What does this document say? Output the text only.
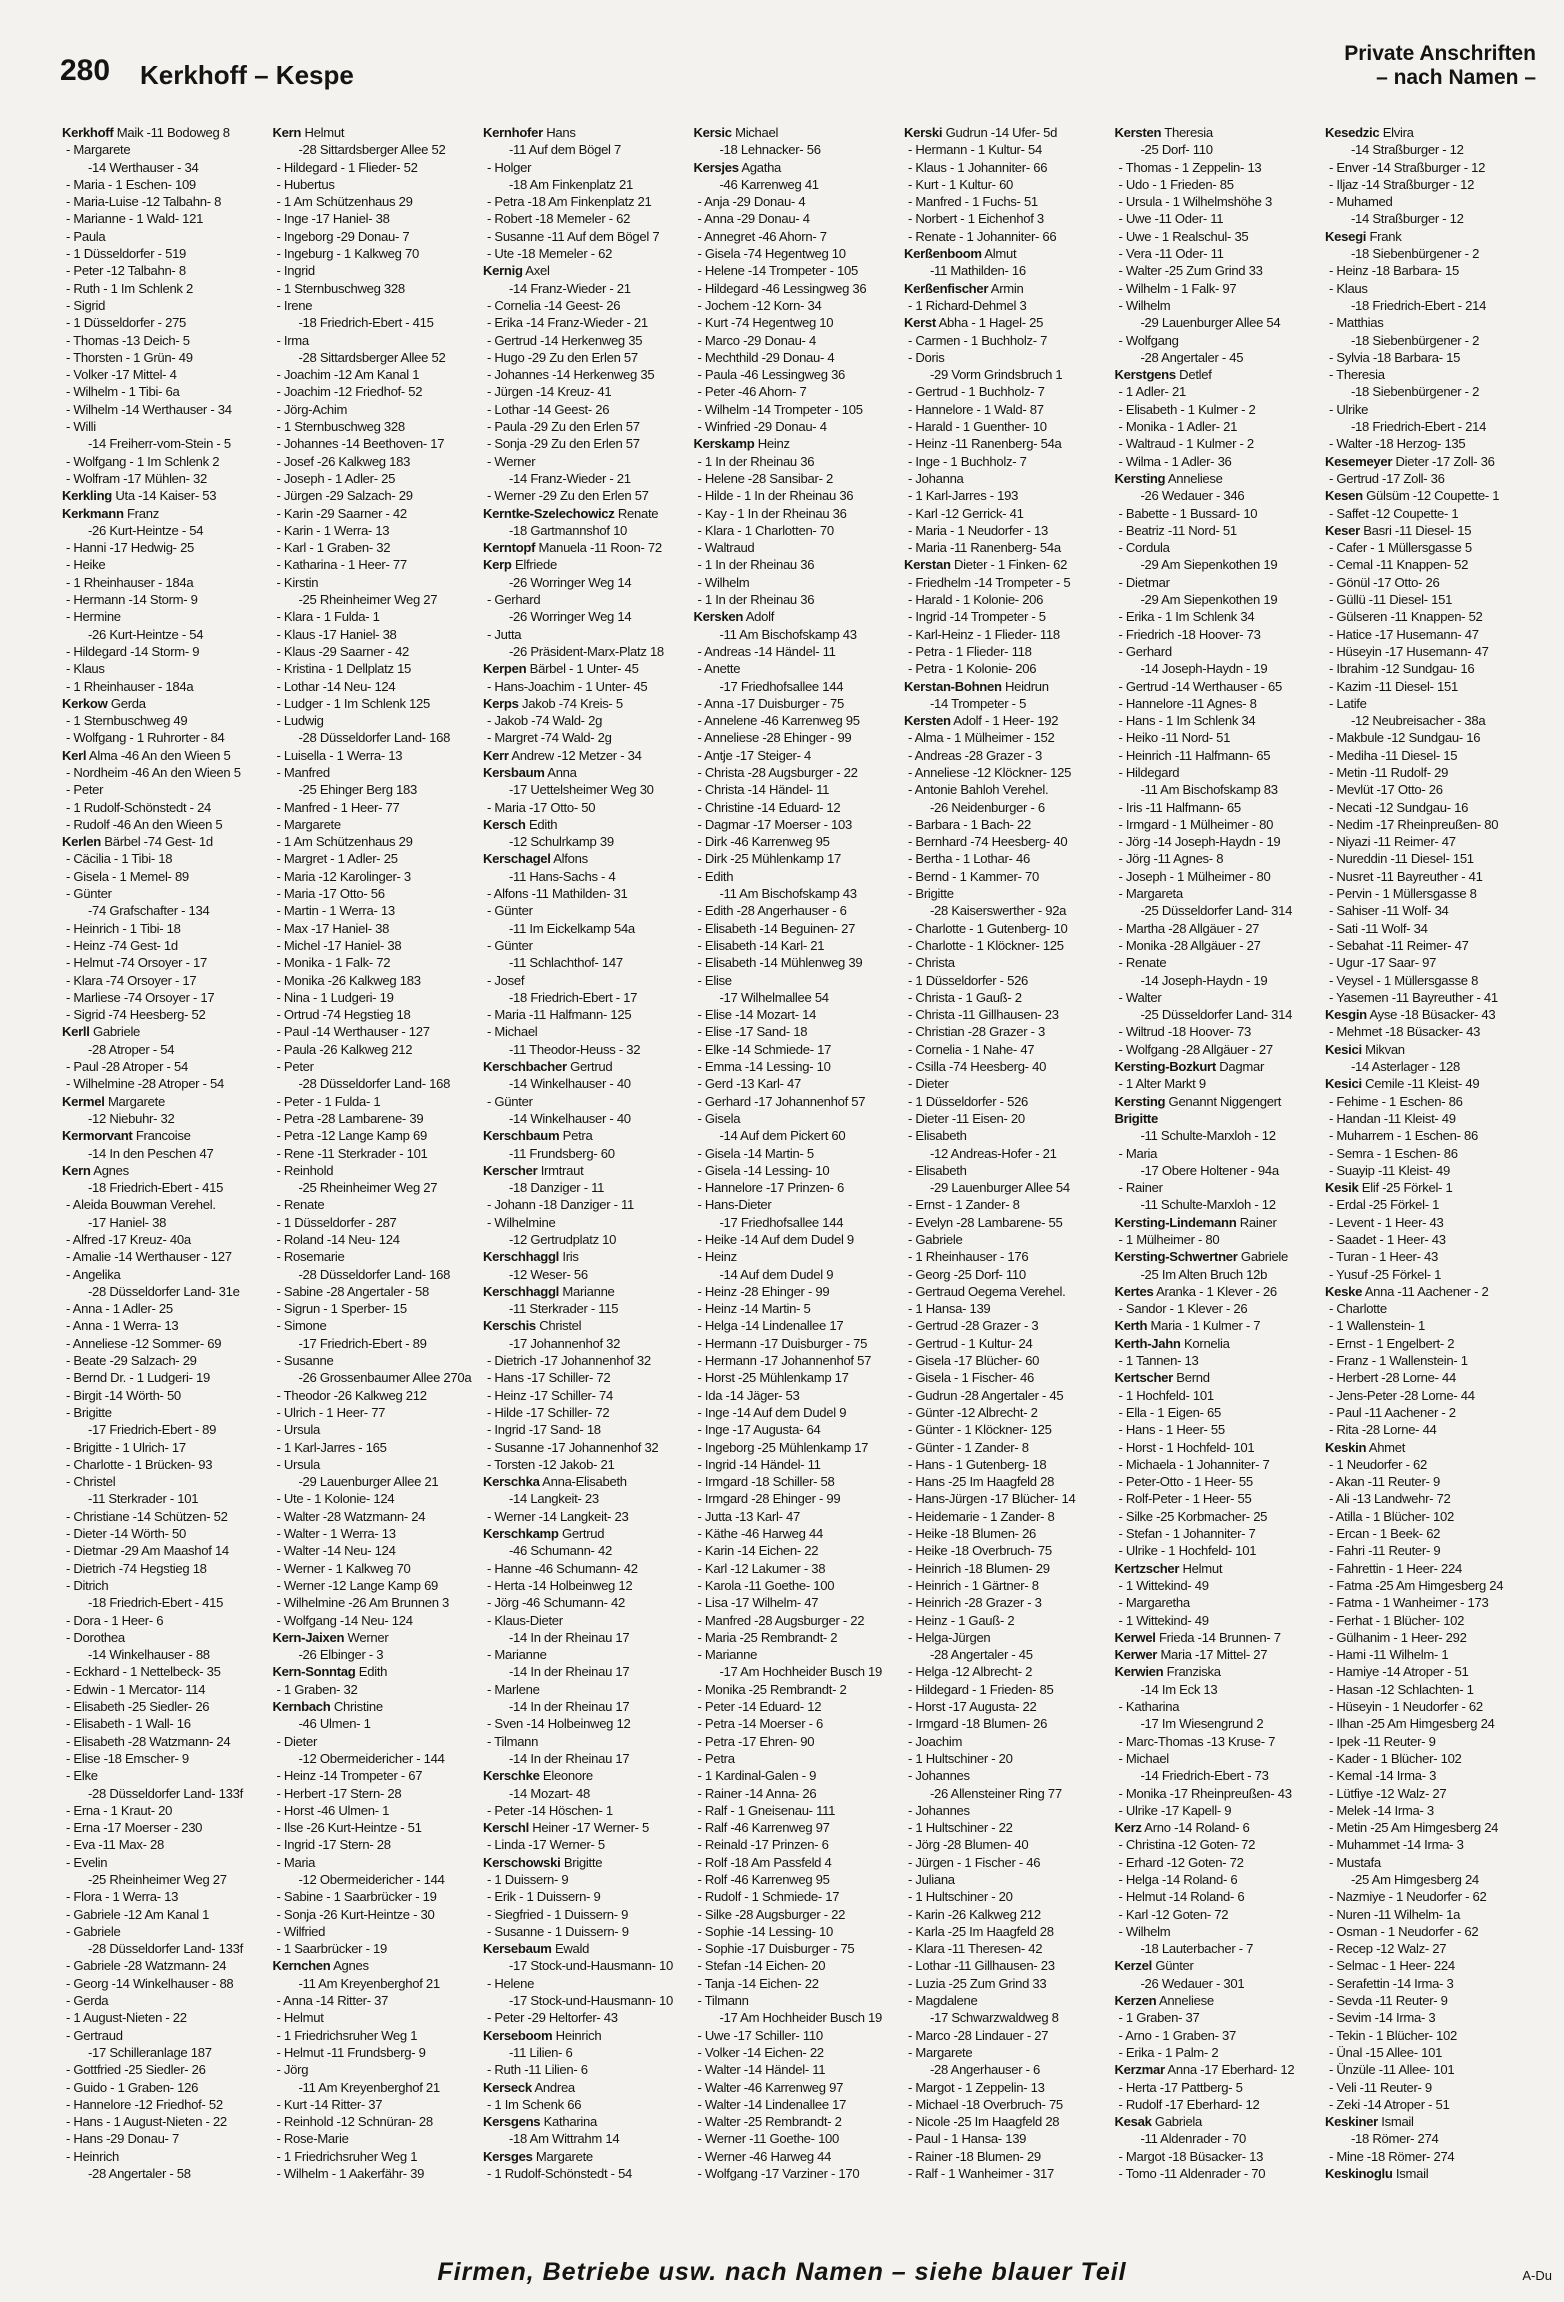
280 Kerkhoff – Kespe
Private Anschriften
– nach Namen –
Kerkhoff Maik -11 Bodoweg 8
- Margarete
-14 Werthauser - 34
- Maria - 1 Eschen- 109
- Maria-Luise -12 Talbahn- 8
- Marianne - 1 Wald- 121
- Paula
- 1 Düsseldorfer - 519
- Peter -12 Talbahn- 8
- Ruth - 1 Im Schlenk 2
- Sigrid
- 1 Düsseldorfer - 275
- Thomas -13 Deich- 5
- Thorsten - 1 Grün- 49
- Volker -17 Mittel- 4
- Wilhelm - 1 Tibi- 6a
- Wilhelm -14 Werthauser - 34
- Willi
-14 Freiherr-vom-Stein - 5
- Wolfgang - 1 Im Schlenk 2
- Wolfram -17 Mühlen- 32
Kerkling Uta -14 Kaiser- 53
Kerkmann Franz
-26 Kurt-Heintze - 54
- Hanni -17 Hedwig- 25
- Heike
- 1 Rheinhauser - 184a
- Hermann -14 Storm- 9
- Hermine
-26 Kurt-Heintze - 54
- Hildegard -14 Storm- 9
- Klaus
- 1 Rheinhauser - 184a
Kerkow Gerda
- 1 Sternbuschweg 49
- Wolfgang - 1 Ruhrorter - 84
Kerl Alma -46 An den Wieen 5
- Nordheim -46 An den Wieen 5
- Peter
- 1 Rudolf-Schönstedt - 24
- Rudolf -46 An den Wieen 5
Kerlen Bärbel -74 Gest- 1d
- Cäcilia - 1 Tibi- 18
- Gisela - 1 Memel- 89
- Günter
-74 Grafschafter - 134
- Heinrich - 1 Tibi- 18
- Heinz -74 Gest- 1d
- Helmut -74 Orsoyer - 17
- Klara -74 Orsoyer - 17
- Marliese -74 Orsoyer - 17
- Sigrid -74 Heesberg- 52
Kerll Gabriele
-28 Atroper - 54
- Paul -28 Atroper - 54
- Wilhelmine -28 Atroper - 54
Kermel Margarete
-12 Niebuhr- 32
Kermorvant Francoise
-14 In den Peschen 47
Kern Agnes
-18 Friedrich-Ebert - 415
- Aleida Bouwman Verehel.
-17 Haniel- 38
- Alfred -17 Kreuz- 40a
- Amalie -14 Werthauser - 127
- Angelika
-28 Düsseldorfer Land- 31e
- Anna - 1 Adler- 25
- Anna - 1 Werra- 13
- Anneliese -12 Sommer- 69
- Beate -29 Salzach- 29
- Bernd Dr. - 1 Ludgeri- 19
- Birgit -14 Wörth- 50
- Brigitte
-17 Friedrich-Ebert - 89
- Brigitte - 1 Ulrich- 17
- Charlotte - 1 Brücken- 93
- Christel
-11 Sterkrader - 101
- Christiane -14 Schützen- 52
- Dieter -14 Wörth- 50
- Dietmar -29 Am Maashof 14
- Dietrich -74 Hegstieg 18
- Ditrich
-18 Friedrich-Ebert - 415
- Dora - 1 Heer- 6
- Dorothea
-14 Winkelhauser - 88
- Eckhard - 1 Nettelbeck- 35
- Edwin - 1 Mercator- 114
- Elisabeth -25 Siedler- 26
- Elisabeth - 1 Wall- 16
- Elisabeth -28 Watzmann- 24
- Elise -18 Emscher- 9
- Elke
-28 Düsseldorfer Land- 133f
- Erna - 1 Kraut- 20
- Erna -17 Moerser - 230
- Eva -11 Max- 28
- Evelin
-25 Rheinheimer Weg 27
- Flora - 1 Werra- 13
- Gabriele -12 Am Kanal 1
- Gabriele
-28 Düsseldorfer Land- 133f
- Gabriele -28 Watzmann- 24
- Georg -14 Winkelhauser - 88
- Gerda
- 1 August-Nieten - 22
- Gertraud
-17 Schilleranlage 187
- Gottfried -25 Siedler- 26
- Guido - 1 Graben- 126
- Hannelore -12 Friedhof- 52
- Hans - 1 August-Nieten - 22
- Hans -29 Donau- 7
- Heinrich
-28 Angertaler - 58
Kern Helmut
-28 Sittardsberger Allee 52
- Hildegard - 1 Flieder- 52
- Hubertus
- 1 Am Schützenhaus 29
- Inge -17 Haniel- 38
- Ingeborg -29 Donau- 7
- Ingeburg - 1 Kalkweg 70
- Ingrid
- 1 Sternbuschweg 328
- Irene
-18 Friedrich-Ebert - 415
- Irma
-28 Sittardsberger Allee 52
- Joachim -12 Am Kanal 1
- Joachim -12 Friedhof- 52
- Jörg-Achim
- 1 Sternbuschweg 328
- Johannes -14 Beethoven- 17
- Josef -26 Kalkweg 183
- Joseph - 1 Adler- 25
- Jürgen -29 Salzach- 29
- Karin -29 Saarner - 42
- Karin - 1 Werra- 13
- Karl - 1 Graben- 32
- Katharina - 1 Heer- 77
- Kirstin
-25 Rheinheimer Weg 27
- Klara - 1 Fulda- 1
- Klaus -17 Haniel- 38
- Klaus -29 Saarner - 42
- Kristina - 1 Dellplatz 15
- Lothar -14 Neu- 124
- Ludger - 1 Im Schlenk 125
- Ludwig
-28 Düsseldorfer Land- 168
- Luisella - 1 Werra- 13
- Manfred
-25 Ehinger Berg 183
- Manfred - 1 Heer- 77
- Margarete
- 1 Am Schützenhaus 29
- Margret - 1 Adler- 25
- Maria -12 Karolinger- 3
- Maria -17 Otto- 56
- Martin - 1 Werra- 13
- Max -17 Haniel- 38
- Michel -17 Haniel- 38
- Monika - 1 Falk- 72
- Monika -26 Kalkweg 183
- Nina - 1 Ludgeri- 19
- Ortrud -74 Hegstieg 18
- Paul -14 Werthauser - 127
- Paula -26 Kalkweg 212
- Peter
-28 Düsseldorfer Land- 168
- Peter - 1 Fulda- 1
- Petra -28 Lambarene- 39
- Petra -12 Lange Kamp 69
- Rene -11 Sterkrader - 101
- Reinhold
-25 Rheinheimer Weg 27
- Renate
- 1 Düsseldorfer - 287
- Roland -14 Neu- 124
- Rosemarie
-28 Düsseldorfer Land- 168
- Sabine -28 Angertaler - 58
- Sigrun - 1 Sperber- 15
- Simone
-17 Friedrich-Ebert - 89
- Susanne
-26 Grossenbaumer Allee 270a
- Theodor -26 Kalkweg 212
- Ulrich - 1 Heer- 77
- Ursula
- 1 Karl-Jarres - 165
- Ursula
-29 Lauenburger Allee 21
- Ute - 1 Kolonie- 124
- Walter -28 Watzmann- 24
- Walter - 1 Werra- 13
- Walter -14 Neu- 124
- Werner - 1 Kalkweg 70
- Werner -12 Lange Kamp 69
- Wilhelmine -26 Am Brunnen 3
- Wolfgang -14 Neu- 124
Kern-Jaixen Werner
-26 Elbinger - 3
Kern-Sonntag Edith
- 1 Graben- 32
Kernbach Christine
-46 Ulmen- 1
- Dieter
-12 Obermeidericher - 144
- Heinz -14 Trompeter - 67
- Herbert -17 Stern- 28
- Horst -46 Ulmen- 1
- Ilse -26 Kurt-Heintze - 51
- Ingrid -17 Stern- 28
- Maria
-12 Obermeidericher - 144
- Sabine - 1 Saarbrücker - 19
- Sonja -26 Kurt-Heintze - 30
- Wilfried
- 1 Saarbrücker - 19
Kernchen Agnes
-11 Am Kreyenberghof 21
- Anna -14 Ritter- 37
- Helmut
- 1 Friedrichsruher Weg 1
- Helmut -11 Frundsberg- 9
- Jörg
-11 Am Kreyenberghof 21
- Kurt -14 Ritter- 37
- Reinhold -12 Schnüran- 28
- Rose-Marie
- 1 Friedrichsruher Weg 1
- Wilhelm - 1 Aakerfähr- 39
Kernhofer Hans
-11 Auf dem Bögel 7
- Holger
-18 Am Finkenplatz 21
- Petra -18 Am Finkenplatz 21
- Robert -18 Memeler - 62
- Susanne -11 Auf dem Bögel 7
- Ute -18 Memeler - 62
Kernig Axel
-14 Franz-Wieder - 21
- Cornelia -14 Geest- 26
- Erika -14 Franz-Wieder - 21
- Gertrud -14 Herkenweg 35
- Hugo -29 Zu den Erlen 57
- Johannes -14 Herkenweg 35
- Jürgen -14 Kreuz- 41
- Lothar -14 Geest- 26
- Paula -29 Zu den Erlen 57
- Sonja -29 Zu den Erlen 57
- Werner
-14 Franz-Wieder - 21
- Werner -29 Zu den Erlen 57
Kerntke-Szelechowicz Renate
-18 Gartmannshof 10
Kerntopf Manuela -11 Roon- 72
Kerp Elfriede
-26 Worringer Weg 14
- Gerhard
-26 Worringer Weg 14
- Jutta
-26 Präsident-Marx-Platz 18
Kerpen Bärbel - 1 Unter- 45
- Hans-Joachim - 1 Unter- 45
Kerps Jakob -74 Kreis- 5
- Jakob -74 Wald- 2g
- Margret -74 Wald- 2g
Kerr Andrew -12 Metzer - 34
Kersbaum Anna
-17 Uettelsheimer Weg 30
- Maria -17 Otto- 50
Kersch Edith
-12 Schulrkamp 39
Kerschagel Alfons
-11 Hans-Sachs - 4
- Alfons -11 Mathilden- 31
- Günter
-11 Im Eickelkamp 54a
- Günter
-11 Schlachthof- 147
- Josef
-18 Friedrich-Ebert - 17
- Maria -11 Halfmann- 125
- Michael
-11 Theodor-Heuss - 32
Kerschbacher Gertrud
-14 Winkelhauser - 40
- Günter
-14 Winkelhauser - 40
Kerschbaum Petra
-11 Frundsberg- 60
Kerscher Irmtraut
-18 Danziger - 11
- Johann -18 Danziger - 11
- Wilhelmine
-12 Gertrudplatz 10
Kerschhaggl Iris
-12 Weser- 56
Kerschhaggl Marianne
-11 Sterkrader - 115
Kerschis Christel
-17 Johannenhof 32
- Dietrich -17 Johannenhof 32
- Hans -17 Schiller- 72
- Heinz -17 Schiller- 74
- Hilde -17 Schiller- 72
- Ingrid -17 Sand- 18
- Susanne -17 Johannenhof 32
- Torsten -12 Jakob- 21
Kerschka Anna-Elisabeth
-14 Langkeit- 23
- Werner -14 Langkeit- 23
Kerschkamp Gertrud
-46 Schumann- 42
- Hanne -46 Schumann- 42
- Herta -14 Holbeinweg 12
- Jörg -46 Schumann- 42
- Klaus-Dieter
-14 In der Rheinau 17
- Marianne
-14 In der Rheinau 17
- Marlene
-14 In der Rheinau 17
- Sven -14 Holbeinweg 12
- Tilmann
-14 In der Rheinau 17
Kerschke Eleonore
-14 Mozart- 48
- Peter -14 Höschen- 1
Kerschl Heiner -17 Werner- 5
- Linda -17 Werner- 5
Kerschowski Brigitte
- 1 Duissern- 9
- Erik - 1 Duissern- 9
- Siegfried - 1 Duissern- 9
- Susanne - 1 Duissern- 9
Kersebaum Ewald
-17 Stock-und-Hausmann- 10
- Helene
-17 Stock-und-Hausmann- 10
- Peter -29 Heltorfer- 43
Kerseboom Heinrich
-11 Lilien- 6
- Ruth -11 Lilien- 6
Kerseck Andrea
- 1 Im Schenk 66
Kersgens Katharina
-18 Am Wittrahm 14
Kersges Margarete
- 1 Rudolf-Schönstedt - 54
Kersic Michael
-18 Lehnacker- 56
Kersjes Agatha
-46 Karrenweg 41
- Anja -29 Donau- 4
- Anna -29 Donau- 4
- Annegret -46 Ahorn- 7
- Gisela -74 Hegentweg 10
- Helene -14 Trompeter - 105
- Hildegard -46 Lessingweg 36
- Jochem -12 Korn- 34
- Kurt -74 Hegentweg 10
- Marco -29 Donau- 4
- Mechthild -29 Donau- 4
- Paula -46 Lessingweg 36
- Peter -46 Ahorn- 7
- Wilhelm -14 Trompeter - 105
- Winfried -29 Donau- 4
Kerskamp Heinz
- 1 In der Rheinau 36
- Helene -28 Sansibar- 2
- Hilde - 1 In der Rheinau 36
- Kay - 1 In der Rheinau 36
- Klara - 1 Charlotten- 70
- Waltraud
- 1 In der Rheinau 36
- Wilhelm
- 1 In der Rheinau 36
Kersken Adolf
-11 Am Bischofskamp 43
- Andreas -14 Händel- 11
- Anette
-17 Friedhofsallee 144
- Anna -17 Duisburger - 75
- Annelene -46 Karrenweg 95
- Anneliese -28 Ehinger - 99
- Antje -17 Steiger- 4
- Christa -28 Augsburger - 22
- Christa -14 Händel- 11
- Christine -14 Eduard- 12
- Dagmar -17 Moerser - 103
- Dirk -46 Karrenweg 95
- Dirk -25 Mühlenkamp 17
- Edith
-11 Am Bischofskamp 43
- Edith -28 Angerhauser - 6
- Elisabeth -14 Beguinen- 27
- Elisabeth -14 Karl- 21
- Elisabeth -14 Mühlenweg 39
- Elise
-17 Wilhelmallee 54
- Elise -14 Mozart- 14
- Elise -17 Sand- 18
- Elke -14 Schmiede- 17
- Emma -14 Lessing- 10
- Gerd -13 Karl- 47
- Gerhard -17 Johannenhof 57
- Gisela
-14 Auf dem Pickert 60
- Gisela -14 Martin- 5
- Gisela -14 Lessing- 10
- Hannelore -17 Prinzen- 6
- Hans-Dieter
-17 Friedhofsallee 144
- Heike -14 Auf dem Dudel 9
- Heinz
-14 Auf dem Dudel 9
- Heinz -28 Ehinger - 99
- Heinz -14 Martin- 5
- Helga -14 Lindenallee 17
- Hermann -17 Duisburger - 75
- Hermann -17 Johannenhof 57
- Horst -25 Mühlenkamp 17
- Ida -14 Jäger- 53
- Inge -14 Auf dem Dudel 9
- Inge -17 Augusta- 64
- Ingeborg -25 Mühlenkamp 17
- Ingrid -14 Händel- 11
- Irmgard -18 Schiller- 58
- Irmgard -28 Ehinger - 99
- Jutta -13 Karl- 47
- Käthe -46 Harweg 44
- Karin -14 Eichen- 22
- Karl -12 Lakumer - 38
- Karola -11 Goethe- 100
- Lisa -17 Wilhelm- 47
- Manfred -28 Augsburger - 22
- Maria -25 Rembrandt- 2
- Marianne
-17 Am Hochheider Busch 19
- Monika -25 Rembrandt- 2
- Peter -14 Eduard- 12
- Petra -14 Moerser - 6
- Petra -17 Ehren- 90
- Petra
- 1 Kardinal-Galen - 9
- Rainer -14 Anna- 26
- Ralf - 1 Gneisenau- 111
- Ralf -46 Karrenweg 97
- Reinald -17 Prinzen- 6
- Rolf -18 Am Passfeld 4
- Rolf -46 Karrenweg 95
- Rudolf - 1 Schmiede- 17
- Silke -28 Augsburger - 22
- Sophie -14 Lessing- 10
- Sophie -17 Duisburger - 75
- Stefan -14 Eichen- 20
- Tanja -14 Eichen- 22
- Tilmann
-17 Am Hochheider Busch 19
- Uwe -17 Schiller- 110
- Volker -14 Eichen- 22
- Walter -14 Händel- 11
- Walter -46 Karrenweg 97
- Walter -14 Lindenallee 17
- Walter -25 Rembrandt- 2
- Werner -11 Goethe- 100
- Werner -46 Harweg 44
- Wolfgang -17 Varziner - 170
Kerski Gudrun -14 Ufer- 5d
- Hermann - 1 Kultur- 54
- Klaus - 1 Johanniter- 66
- Kurt - 1 Kultur- 60
- Manfred - 1 Fuchs- 51
- Norbert - 1 Eichenhof 3
- Renate - 1 Johanniter- 66
Kerßenboom Almut
-11 Mathilden- 16
Kerßenfischer Armin
- 1 Richard-Dehmel 3
Kerst Abha - 1 Hagel- 25
- Carmen - 1 Buchholz- 7
- Doris
-29 Vorm Grindsbruch 1
- Gertrud - 1 Buchholz- 7
- Hannelore - 1 Wald- 87
- Harald - 1 Guenther- 10
- Heinz -11 Ranenberg- 54a
- Inge - 1 Buchholz- 7
- Johanna
- 1 Karl-Jarres - 193
- Karl -12 Gerrick- 41
- Maria - 1 Neudorfer - 13
- Maria -11 Ranenberg- 54a
Kerstan Dieter - 1 Finken- 62
- Friedhelm -14 Trompeter - 5
- Harald - 1 Kolonie- 206
- Ingrid -14 Trompeter - 5
- Karl-Heinz - 1 Flieder- 118
- Petra - 1 Flieder- 118
- Petra - 1 Kolonie- 206
Kerstan-Bohnen Heidrun
-14 Trompeter - 5
Kersten Adolf - 1 Heer- 192
- Alma - 1 Mülheimer - 152
- Andreas -28 Grazer - 3
- Anneliese -12 Klöckner- 125
- Antonie Bahloh Verehel.
-26 Neidenburger - 6
- Barbara - 1 Bach- 22
- Bernhard -74 Heesberg- 40
- Bertha - 1 Lothar- 46
- Bernd - 1 Kammer- 70
- Brigitte
-28 Kaiserswerther - 92a
- Charlotte - 1 Gutenberg- 10
- Charlotte - 1 Klöckner- 125
- Christa
- 1 Düsseldorfer - 526
- Christa - 1 Gauß- 2
- Christa -11 Gillhausen- 23
- Christian -28 Grazer - 3
- Cornelia - 1 Nahe- 47
- Csilla -74 Heesberg- 40
- Dieter
- 1 Düsseldorfer - 526
- Dieter -11 Eisen- 20
- Elisabeth
-12 Andreas-Hofer - 21
- Elisabeth
-29 Lauenburger Allee 54
- Ernst - 1 Zander- 8
- Evelyn -28 Lambarene- 55
- Gabriele
- 1 Rheinhauser - 176
- Georg -25 Dorf- 110
- Gertraud Oegema Verehel.
- 1 Hansa- 139
- Gertrud -28 Grazer - 3
- Gertrud - 1 Kultur- 24
- Gisela -17 Blücher- 60
- Gisela - 1 Fischer- 46
- Gudrun -28 Angertaler - 45
- Günter -12 Albrecht- 2
- Günter - 1 Klöckner- 125
- Günter - 1 Zander- 8
- Hans - 1 Gutenberg- 18
- Hans -25 Im Haagfeld 28
- Hans-Jürgen -17 Blücher- 14
- Heidemarie - 1 Zander- 8
- Heike -18 Blumen- 26
- Heike -18 Overbruch- 75
- Heinrich -18 Blumen- 29
- Heinrich - 1 Gärtner- 8
- Heinrich -28 Grazer - 3
- Heinz - 1 Gauß- 2
- Helga-Jürgen
-28 Angertaler - 45
- Helga -12 Albrecht- 2
- Hildegard - 1 Frieden- 85
- Horst -17 Augusta- 22
- Irmgard -18 Blumen- 26
- Joachim
- 1 Hultschiner - 20
- Johannes
-26 Allensteiner Ring 77
- Johannes
- 1 Hultschiner - 22
- Jörg -28 Blumen- 40
- Jürgen - 1 Fischer - 46
- Juliana
- 1 Hultschiner - 20
- Karin -26 Kalkweg 212
- Karla -25 Im Haagfeld 28
- Klara -11 Theresen- 42
- Lothar -11 Gillhausen- 23
- Luzia -25 Zum Grind 33
- Magdalene
-17 Schwarzwaldweg 8
- Marco -28 Lindauer - 27
- Margarete
-28 Angerhauser - 6
- Margot - 1 Zeppelin- 13
- Michael -18 Overbruch- 75
- Nicole -25 Im Haagfeld 28
- Paul - 1 Hansa- 139
- Rainer -18 Blumen- 29
- Ralf - 1 Wanheimer - 317
Kersten Theresia
-25 Dorf- 110
- Thomas - 1 Zeppelin- 13
- Udo - 1 Frieden- 85
- Ursula - 1 Wilhelmshöhe 3
- Uwe -11 Oder- 11
- Uwe - 1 Realschul- 35
- Vera -11 Oder- 11
- Walter -25 Zum Grind 33
- Wilhelm - 1 Falk- 97
- Wilhelm
-29 Lauenburger Allee 54
- Wolfgang
-28 Angertaler - 45
Kerstgens Detlef
- 1 Adler- 21
- Elisabeth - 1 Kulmer - 2
- Monika - 1 Adler- 21
- Waltraud - 1 Kulmer - 2
- Wilma - 1 Adler- 36
Kersting Anneliese
-26 Wedauer - 346
- Babette - 1 Bussard- 10
- Beatriz -11 Nord- 51
- Cordula
-29 Am Siepenkothen 19
- Dietmar
-29 Am Siepenkothen 19
- Erika - 1 Im Schlenk 34
- Friedrich -18 Hoover- 73
- Gerhard
-14 Joseph-Haydn - 19
- Gertrud -14 Werthauser - 65
- Hannelore -11 Agnes- 8
- Hans - 1 Im Schlenk 34
- Heiko -11 Nord- 51
- Heinrich -11 Halfmann- 65
- Hildegard
-11 Am Bischofskamp 83
- Iris -11 Halfmann- 65
- Irmgard - 1 Mülheimer - 80
- Jörg -14 Joseph-Haydn - 19
- Jörg -11 Agnes- 8
- Joseph - 1 Mülheimer - 80
- Margareta
-25 Düsseldorfer Land- 314
- Martha -28 Allgäuer - 27
- Monika -28 Allgäuer - 27
- Renate
-14 Joseph-Haydn - 19
- Walter
-25 Düsseldorfer Land- 314
- Wiltrud -18 Hoover- 73
- Wolfgang -28 Allgäuer - 27
Kersting-Bozkurt Dagmar
- 1 Alter Markt 9
Kersting Genannt Niggengert
Brigitte
-11 Schulte-Marxloh - 12
- Maria
-17 Obere Holtener - 94a
- Rainer
-11 Schulte-Marxloh - 12
Kersting-Lindemann Rainer
- 1 Mülheimer - 80
Kersting-Schwertner Gabriele
-25 Im Alten Bruch 12b
Kertes Aranka - 1 Klever - 26
- Sandor - 1 Klever - 26
Kerth Maria - 1 Kulmer - 7
Kerth-Jahn Kornelia
- 1 Tannen- 13
Kertscher Bernd
- 1 Hochfeld- 101
- Ella - 1 Eigen- 65
- Hans - 1 Heer- 55
- Horst - 1 Hochfeld- 101
- Michaela - 1 Johanniter- 7
- Peter-Otto - 1 Heer- 55
- Rolf-Peter - 1 Heer- 55
- Silke -25 Korbmacher- 25
- Stefan - 1 Johanniter- 7
- Ulrike - 1 Hochfeld- 101
Kertzscher Helmut
- 1 Wittekind- 49
- Margaretha
- 1 Wittekind- 49
Kerwel Frieda -14 Brunnen- 7
Kerwer Maria -17 Mittel- 27
Kerwien Franziska
-14 Im Eck 13
- Katharina
-17 Im Wiesengrund 2
- Marc-Thomas -13 Kruse- 7
- Michael
-14 Friedrich-Ebert - 73
- Monika -17 Rheinpreußen- 43
- Ulrike -17 Kapell- 9
Kerz Arno -14 Roland- 6
- Christina -12 Goten- 72
- Erhard -12 Goten- 72
- Helga -14 Roland- 6
- Helmut -14 Roland- 6
- Karl -12 Goten- 72
- Wilhelm
-18 Lauterbacher - 7
Kerzel Günter
-26 Wedauer - 301
Kerzen Anneliese
- 1 Graben- 37
- Arno - 1 Graben- 37
- Erika - 1 Palm- 2
Kerzmar Anna -17 Eberhard- 12
- Herta -17 Pattberg- 5
- Rudolf -17 Eberhard- 12
Kesak Gabriela
-11 Aldenrader - 70
- Margot -18 Büsacker- 13
- Tomo -11 Aldenrader - 70
Kesedzic Elvira
-14 Straßburger - 12
- Enver -14 Straßburger - 12
- Iljaz -14 Straßburger - 12
- Muhamed
-14 Straßburger - 12
Kesegi Frank
-18 Siebenbürgener - 2
- Heinz -18 Barbara- 15
- Klaus
-18 Friedrich-Ebert - 214
- Matthias
-18 Siebenbürgener - 2
- Sylvia -18 Barbara- 15
- Theresia
-18 Siebenbürgener - 2
- Ulrike
-18 Friedrich-Ebert - 214
- Walter -18 Herzog- 135
Kesemeyer Dieter -17 Zoll- 36
- Gertrud -17 Zoll- 36
Kesen Gülsüm -12 Coupette- 1
- Saffet -12 Coupette- 1
Keser Basri -11 Diesel- 15
- Cafer - 1 Müllersgasse 5
- Cemal -11 Knappen- 52
- Gönül -17 Otto- 26
- Güllü -11 Diesel- 151
- Gülseren -11 Knappen- 52
- Hatice -17 Husemann- 47
- Hüseyin -17 Husemann- 47
- Ibrahim -12 Sundgau- 16
- Kazim -11 Diesel- 151
- Latife
-12 Neubreisacher - 38a
- Makbule -12 Sundgau- 16
- Mediha -11 Diesel- 15
- Metin -11 Rudolf- 29
- Mevlüt -17 Otto- 26
- Necati -12 Sundgau- 16
- Nedim -17 Rheinpreußen- 80
- Niyazi -11 Reimer- 47
- Nureddin -11 Diesel- 151
- Nusret -11 Bayreuther - 41
- Pervin - 1 Müllersgasse 8
- Sahiser -11 Wolf- 34
- Sati -11 Wolf- 34
- Sebahat -11 Reimer- 47
- Ugur -17 Saar- 97
- Veysel - 1 Müllersgasse 8
- Yasemen -11 Bayreuther - 41
Kesgin Ayse -18 Büsacker- 43
- Mehmet -18 Büsacker- 43
Kesici Mikvan
-14 Asterlager - 128
Kesici Cemile -11 Kleist- 49
- Fehime - 1 Eschen- 86
- Handan -11 Kleist- 49
- Muharrem - 1 Eschen- 86
- Semra - 1 Eschen- 86
- Suayip -11 Kleist- 49
Kesik Elif -25 Förkel- 1
- Erdal -25 Förkel- 1
- Levent - 1 Heer- 43
- Saadet - 1 Heer- 43
- Turan - 1 Heer- 43
- Yusuf -25 Förkel- 1
Keske Anna -11 Aachener - 2
- Charlotte
- 1 Wallenstein- 1
- Ernst - 1 Engelbert- 2
- Franz - 1 Wallenstein- 1
- Herbert -28 Lorne- 44
- Jens-Peter -28 Lorne- 44
- Paul -11 Aachener - 2
- Rita -28 Lorne- 44
Keskin Ahmet
- 1 Neudorfer - 62
- Akan -11 Reuter- 9
- Ali -13 Landwehr- 72
- Atilla - 1 Blücher- 102
- Ercan - 1 Beek- 62
- Fahri -11 Reuter- 9
- Fahrettin - 1 Heer- 224
- Fatma -25 Am Himgesberg 24
- Fatma - 1 Wanheimer - 173
- Ferhat - 1 Blücher- 102
- Gülhanim - 1 Heer- 292
- Hami -11 Wilhelm- 1
- Hamiye -14 Atroper - 51
- Hasan -12 Schlachten- 1
- Hüseyin - 1 Neudorfer - 62
- Ilhan -25 Am Himgesberg 24
- Ipek -11 Reuter- 9
- Kader - 1 Blücher- 102
- Kemal -14 Irma- 3
- Lütfiye -12 Walz- 27
- Melek -14 Irma- 3
- Metin -25 Am Himgesberg 24
- Muhammet -14 Irma- 3
- Mustafa
-25 Am Himgesberg 24
- Nazmiye - 1 Neudorfer - 62
- Nuren -11 Wilhelm- 1a
- Osman - 1 Neudorfer - 62
- Recep -12 Walz- 27
- Selmac - 1 Heer- 224
- Serafettin -14 Irma- 3
- Sevda -11 Reuter- 9
- Sevim -14 Irma- 3
- Tekin - 1 Blücher- 102
- Ünal -15 Allee- 101
- Ünzüle -11 Allee- 101
- Veli -11 Reuter- 9
- Zeki -14 Atroper - 51
Keskiner Ismail
-18 Römer- 274
- Mine -18 Römer- 274
Keskinoglu Ismail
Firmen, Betriebe usw. nach Namen – siehe blauer Teil	A-Du
